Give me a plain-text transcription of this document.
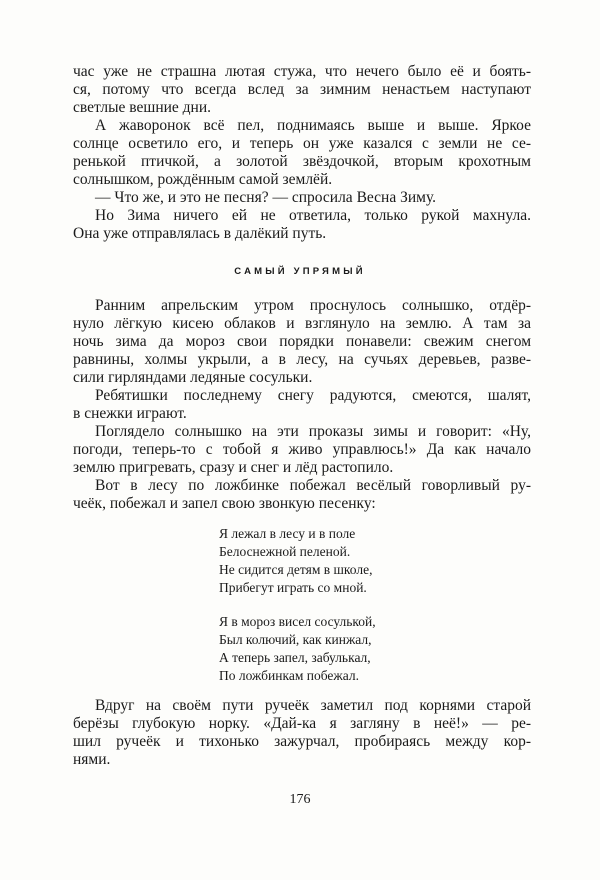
час уже не страшна лютая стужа, что нечего было её и боять-
ся, потому что всегда вслед за зимним ненастьем наступают
светлые вешние дни.
А жаворонок всё пел, поднимаясь выше и выше. Яркое
солнце осветило его, и теперь он уже казался с земли не се-
ренькой птичкой, а золотой звёздочкой, вторым крохотным
солнышком, рождённым самой землёй.
— Что же, и это не песня? — спросила Весна Зиму.
Но Зима ничего ей не ответила, только рукой махнула.
Она уже отправлялась в далёкий путь.
САМЫЙ УПРЯМЫЙ
Ранним апрельским утром проснулось солнышко, отдёр-
нуло лёгкую кисею облаков и взглянуло на землю. А там за
ночь зима да мороз свои порядки понавели: свежим снегом
равнины, холмы укрыли, а в лесу, на сучьях деревьев, разве-
сили гирляндами ледяные сосульки.
Ребятишки последнему снегу радуются, смеются, шалят,
в снежки играют.
Поглядело солнышко на эти проказы зимы и говорит: «Ну,
погоди, теперь-то с тобой я живо управлюсь!» Да как начало
землю пригревать, сразу и снег и лёд растопило.
Вот в лесу по ложбинке побежал весёлый говорливый ру-
чеёк, побежал и запел свою звонкую песенку:
Я лежал в лесу и в поле
Белоснежной пеленой.
Не сидится детям в школе,
Прибегут играть со мной.
Я в мороз висел сосулькой,
Был колючий, как кинжал,
А теперь запел, забулькал,
По ложбинкам побежал.
Вдруг на своём пути ручеёк заметил под корнями старой
берёзы глубокую норку. «Дай-ка я загляну в неё!» — ре-
шил ручеёк и тихонько зажурчал, пробираясь между кор-
нями.
176
